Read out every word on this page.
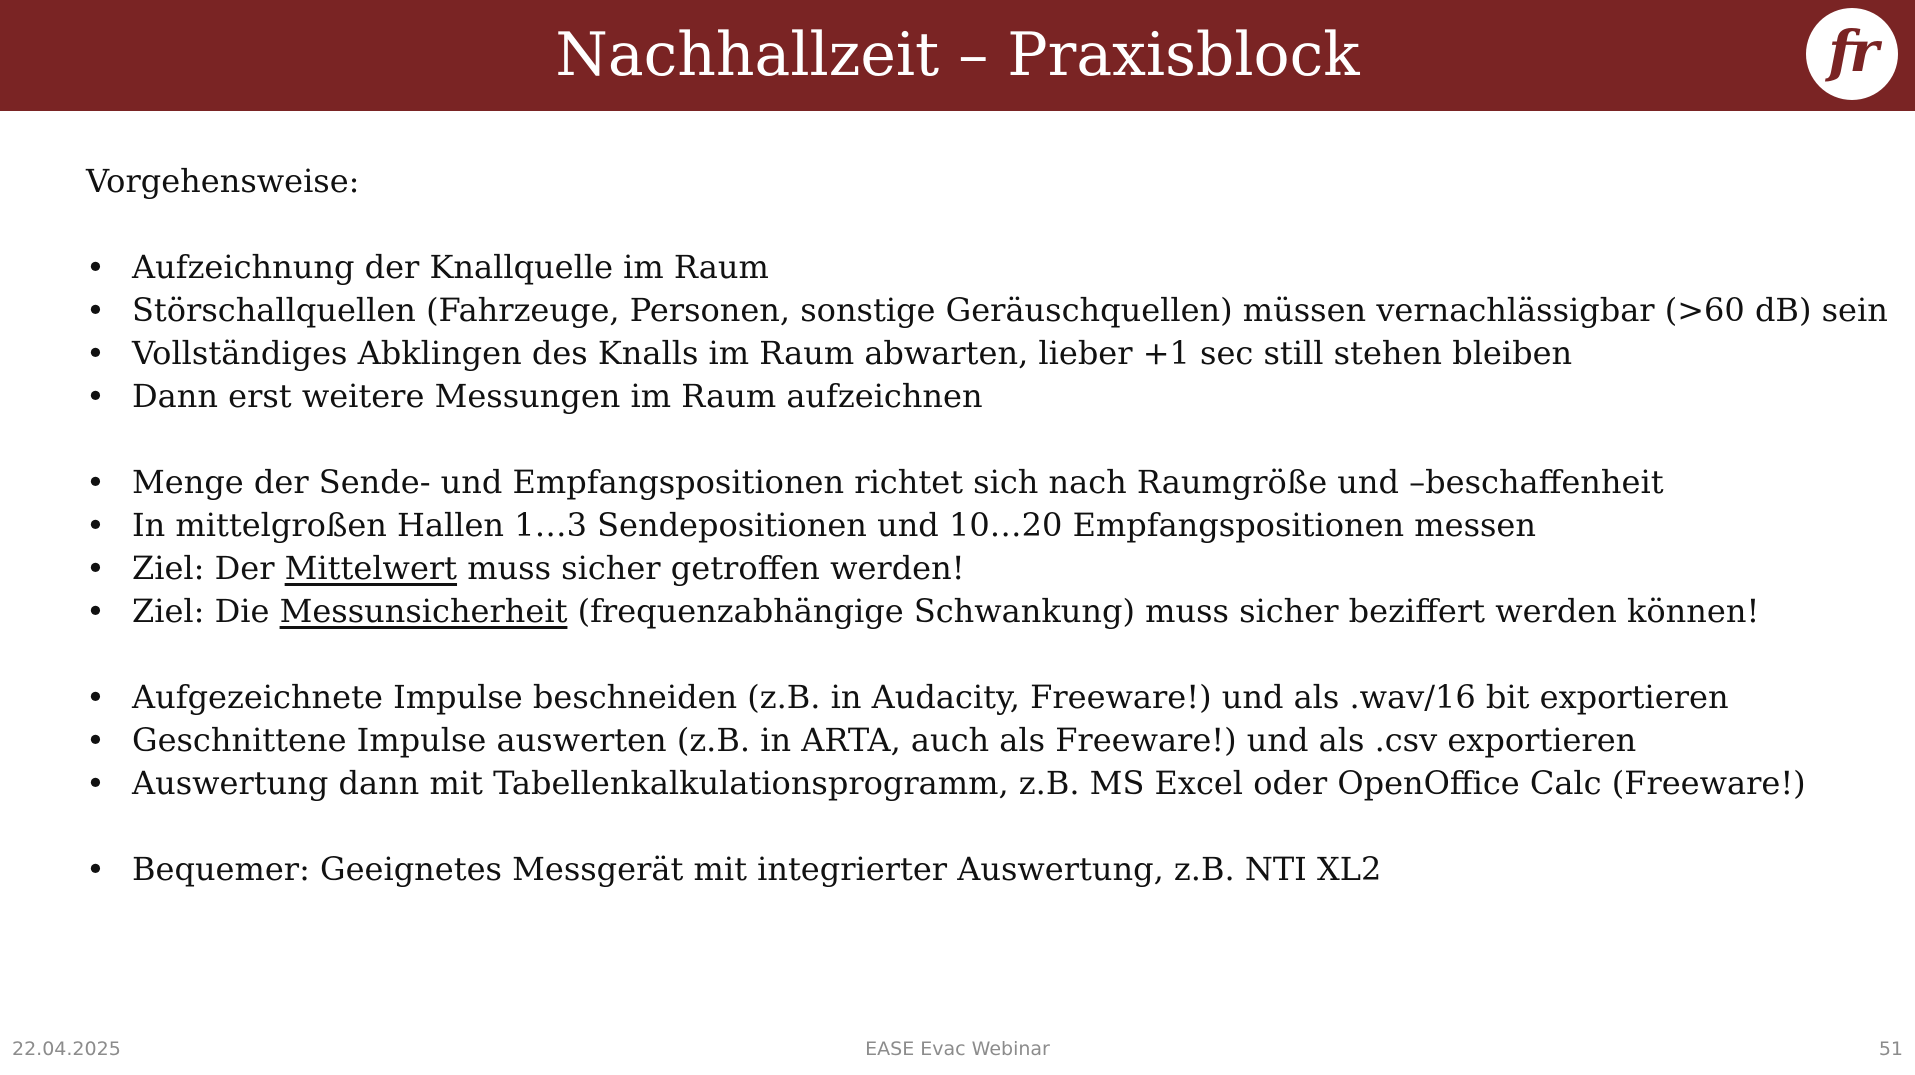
Nachhallzeit – Praxisblock	fr
Vorgehensweise:
• Aufzeichnung der Knallquelle im Raum
• Störschallquellen (Fahrzeuge, Personen, sonstige Geräuschquellen) müssen vernachlässigbar (>60 dB) sein
• Vollständiges Abklingen des Knalls im Raum abwarten, lieber +1 sec still stehen bleiben
• Dann erst weitere Messungen im Raum aufzeichnen
• Menge der Sende- und Empfangspositionen richtet sich nach Raumgröße und –beschaffenheit
• In mittelgroßen Hallen 1…3 Sendepositionen und 10…20 Empfangspositionen messen
• Ziel: Der Mittelwert muss sicher getroffen werden!
• Ziel: Die Messunsicherheit (frequenzabhängige Schwankung) muss sicher beziffert werden können!
• Aufgezeichnete Impulse beschneiden (z.B. in Audacity, Freeware!) und als .wav/16 bit exportieren
• Geschnittene Impulse auswerten (z.B. in ARTA, auch als Freeware!) und als .csv exportieren
• Auswertung dann mit Tabellenkalkulationsprogramm, z.B. MS Excel oder OpenOffice Calc (Freeware!)
• Bequemer: Geeignetes Messgerät mit integrierter Auswertung, z.B. NTI XL2
22.04.2025	EASE Evac Webinar	51
